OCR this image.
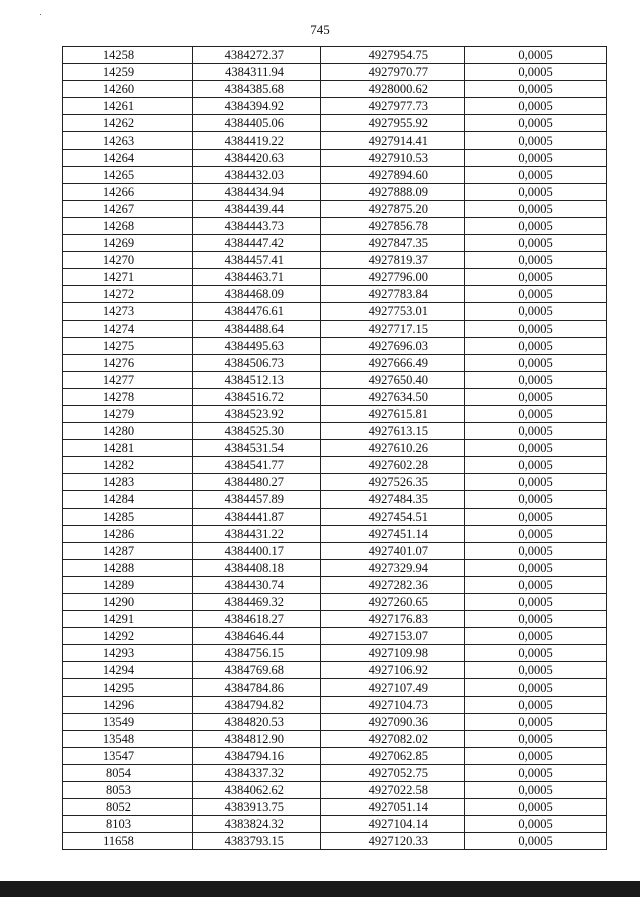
745
14258	4384272.37	4927954.75	0,0005
14259	4384311.94	4927970.77	0,0005
14260	4384385.68	4928000.62	0,0005
14261	4384394.92	4927977.73	0,0005
14262	4384405.06	4927955.92	0,0005
14263	4384419.22	4927914.41	0,0005
14264	4384420.63	4927910.53	0,0005
14265	4384432.03	4927894.60	0,0005
14266	4384434.94	4927888.09	0,0005
14267	4384439.44	4927875.20	0,0005
14268	4384443.73	4927856.78	0,0005
14269	4384447.42	4927847.35	0,0005
14270	4384457.41	4927819.37	0,0005
14271	4384463.71	4927796.00	0,0005
14272	4384468.09	4927783.84	0,0005
14273	4384476.61	4927753.01	0,0005
14274	4384488.64	4927717.15	0,0005
14275	4384495.63	4927696.03	0,0005
14276	4384506.73	4927666.49	0,0005
14277	4384512.13	4927650.40	0,0005
14278	4384516.72	4927634.50	0,0005
14279	4384523.92	4927615.81	0,0005
14280	4384525.30	4927613.15	0,0005
14281	4384531.54	4927610.26	0,0005
14282	4384541.77	4927602.28	0,0005
14283	4384480.27	4927526.35	0,0005
14284	4384457.89	4927484.35	0,0005
14285	4384441.87	4927454.51	0,0005
14286	4384431.22	4927451.14	0,0005
14287	4384400.17	4927401.07	0,0005
14288	4384408.18	4927329.94	0,0005
14289	4384430.74	4927282.36	0,0005
14290	4384469.32	4927260.65	0,0005
14291	4384618.27	4927176.83	0,0005
14292	4384646.44	4927153.07	0,0005
14293	4384756.15	4927109.98	0,0005
14294	4384769.68	4927106.92	0,0005
14295	4384784.86	4927107.49	0,0005
14296	4384794.82	4927104.73	0,0005
13549	4384820.53	4927090.36	0,0005
13548	4384812.90	4927082.02	0,0005
13547	4384794.16	4927062.85	0,0005
8054	4384337.32	4927052.75	0,0005
8053	4384062.62	4927022.58	0,0005
8052	4383913.75	4927051.14	0,0005
8103	4383824.32	4927104.14	0,0005
11658	4383793.15	4927120.33	0,0005
